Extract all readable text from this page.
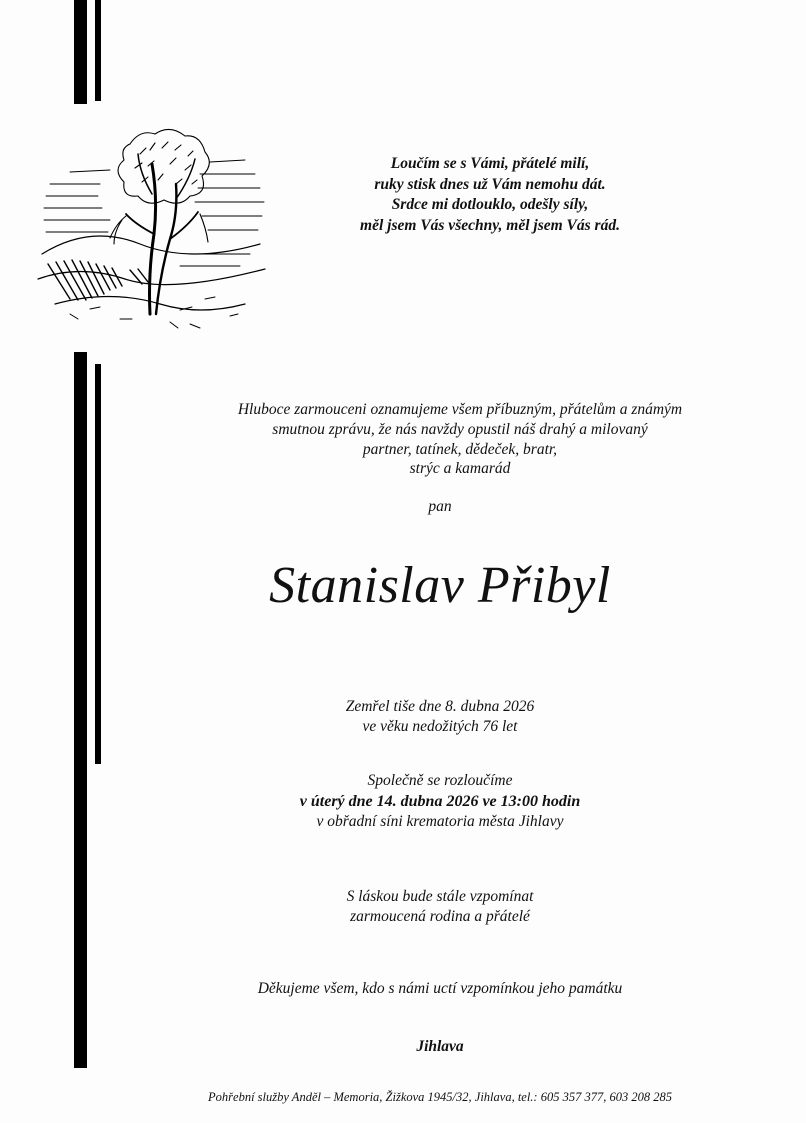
Loučím se s Vámi, přátelé milí,
ruky stisk dnes už Vám nemohu dát.
Srdce mi dotlouklo, odešly síly,
měl jsem Vás všechny, měl jsem Vás rád.
Hluboce zarmouceni oznamujeme všem příbuzným, přátelům a známým
smutnou zprávu, že nás navždy opustil náš drahý a milovaný
partner, tatínek, dědeček, bratr,
strýc a kamarád
pan
Stanislav Přibyl
Zemřel tiše dne 8. dubna 2026
ve věku nedožitých 76 let
Společně se rozloučíme
v úterý dne 14. dubna 2026 ve 13:00 hodin
v obřadní síni krematoria města Jihlavy
S láskou bude stále vzpomínat
zarmoucená rodina a přátelé
Děkujeme všem, kdo s námi uctí vzpomínkou jeho památku
Jihlava
Pohřební služby Anděl – Memoria, Žižkova 1945/32, Jihlava, tel.: 605 357 377, 603 208 285
